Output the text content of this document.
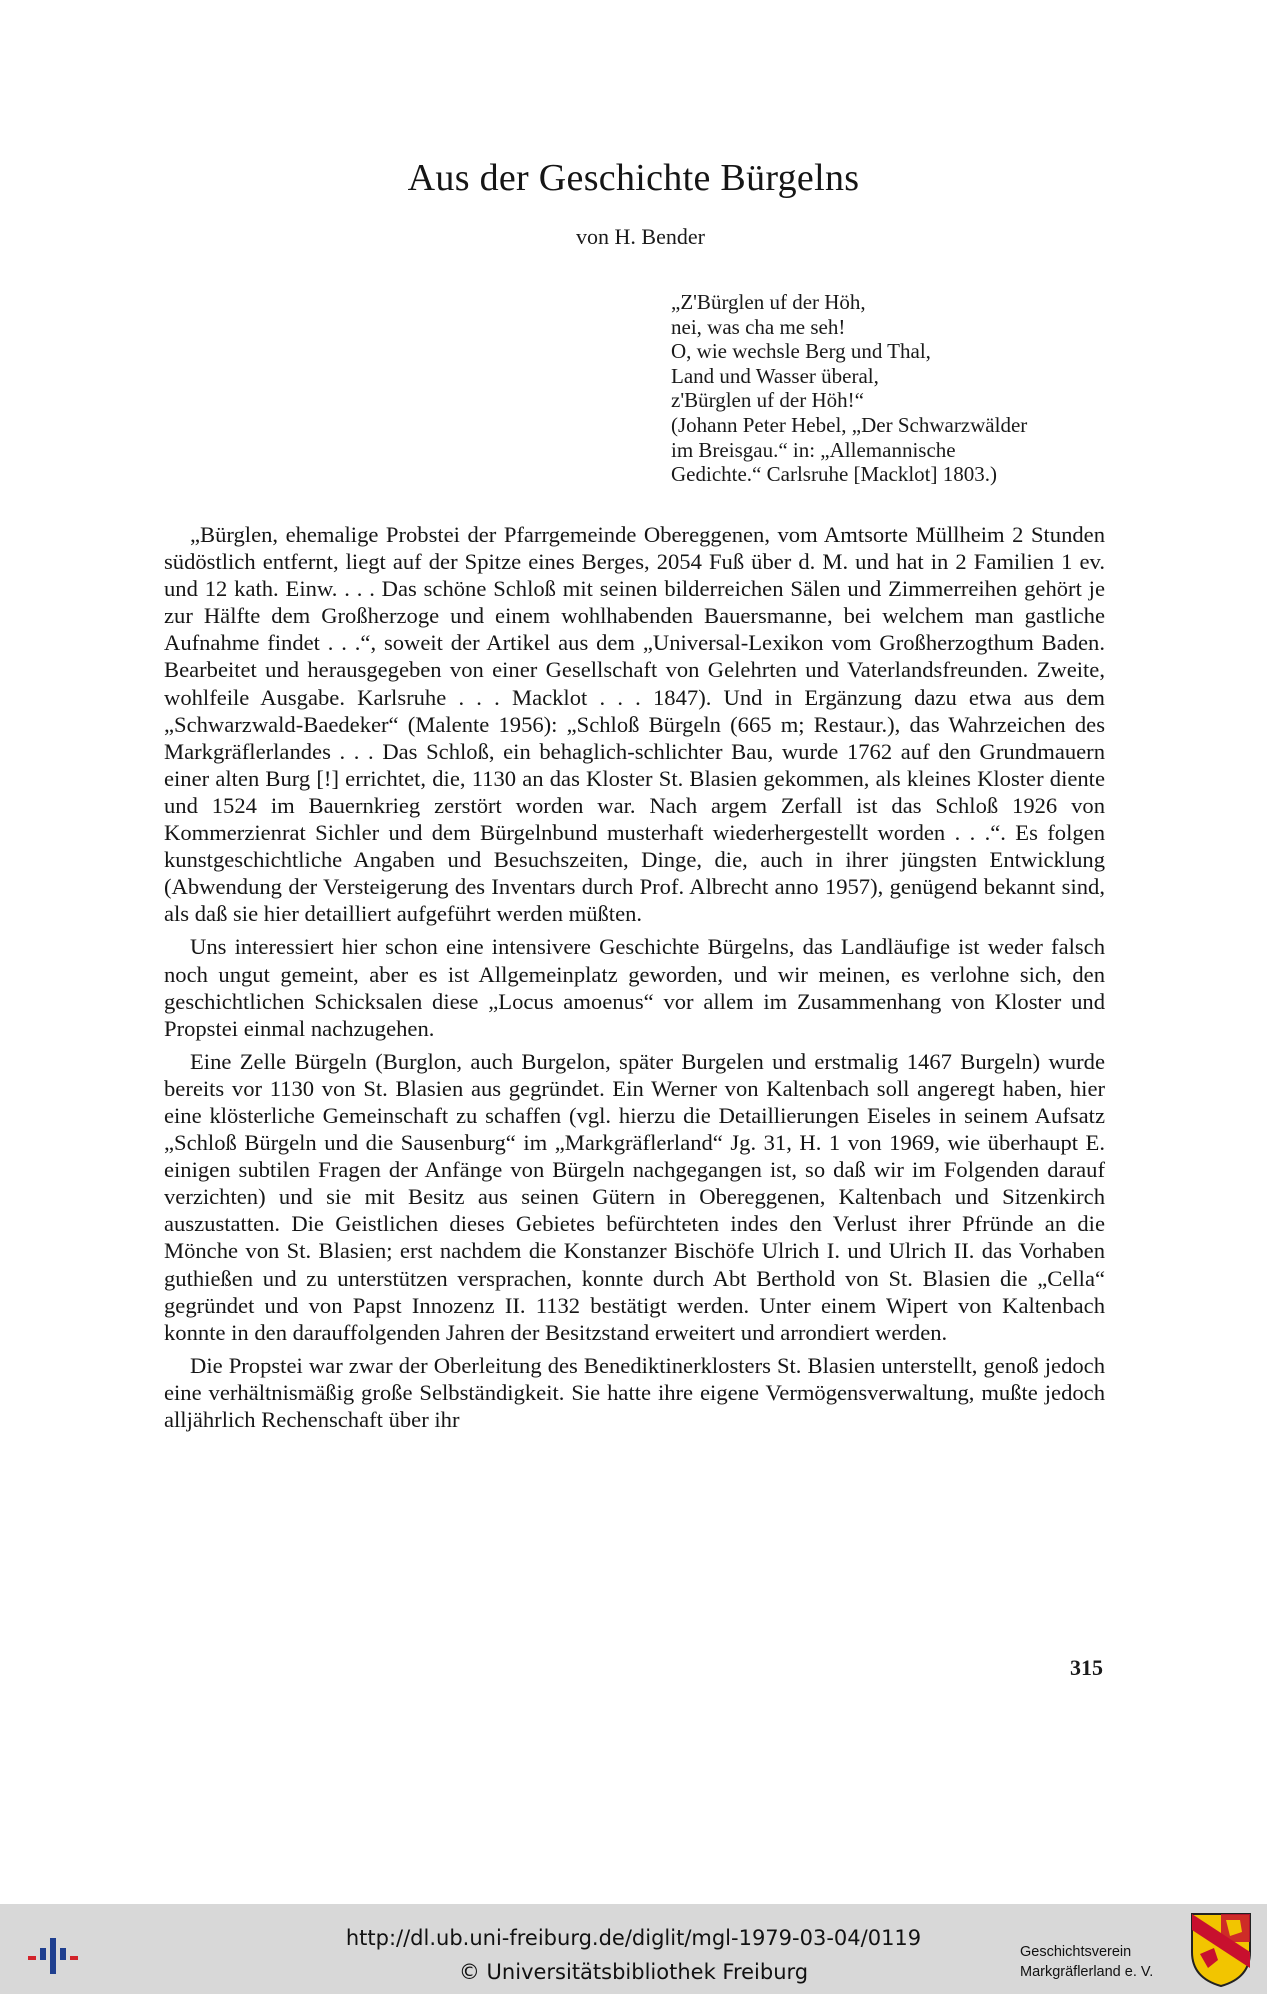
Aus der Geschichte Bürgelns
von H. Bender
„Z'Bürglen uf der Höh,
nei, was cha me seh!
O, wie wechsle Berg und Thal,
Land und Wasser überal,
z'Bürglen uf der Höh!“
(Johann Peter Hebel, „Der Schwarzwälder
im Breisgau.“ in: „Allemannische
Gedichte.“ Carlsruhe [Macklot] 1803.)

„Bürglen, ehemalige Probstei der Pfarrgemeinde Obereggenen, vom Amtsorte Müllheim 2 Stunden südöstlich entfernt, liegt auf der Spitze eines Berges, 2054 Fuß über d. M. und hat in 2 Familien 1 ev. und 12 kath. Einw. . . . Das schöne Schloß mit seinen bilderreichen Sälen und Zimmerreihen gehört je zur Hälfte dem Großherzoge und einem wohlhabenden Bauersmanne, bei welchem man gastliche Aufnahme findet . . .“, soweit der Artikel aus dem „Universal-Lexikon vom Großherzogthum Baden. Bearbeitet und herausgegeben von einer Gesellschaft von Gelehrten und Vaterlandsfreunden. Zweite, wohlfeile Ausgabe. Karlsruhe . . . Macklot . . . 1847). Und in Ergänzung dazu etwa aus dem „Schwarzwald-Baedeker“ (Malente 1956): „Schloß Bürgeln (665 m; Restaur.), das Wahrzeichen des Markgräflerlandes . . . Das Schloß, ein behaglich-schlichter Bau, wurde 1762 auf den Grundmauern einer alten Burg [!] errichtet, die, 1130 an das Kloster St. Blasien gekommen, als kleines Kloster diente und 1524 im Bauernkrieg zerstört worden war. Nach argem Zerfall ist das Schloß 1926 von Kommerzienrat Sichler und dem Bürgelnbund musterhaft wiederhergestellt worden . . .“. Es folgen kunstgeschichtliche Angaben und Besuchszeiten, Dinge, die, auch in ihrer jüngsten Entwicklung (Abwendung der Versteigerung des Inventars durch Prof. Albrecht anno 1957), genügend bekannt sind, als daß sie hier detailliert aufgeführt werden müßten.

Uns interessiert hier schon eine intensivere Geschichte Bürgelns, das Landläufige ist weder falsch noch ungut gemeint, aber es ist Allgemeinplatz geworden, und wir meinen, es verlohne sich, den geschichtlichen Schicksalen diese „Locus amoenus“ vor allem im Zusammenhang von Kloster und Propstei einmal nachzugehen.

Eine Zelle Bürgeln (Burglon, auch Burgelon, später Burgelen und erstmalig 1467 Burgeln) wurde bereits vor 1130 von St. Blasien aus gegründet. Ein Werner von Kaltenbach soll angeregt haben, hier eine klösterliche Gemeinschaft zu schaffen (vgl. hierzu die Detaillierungen Eiseles in seinem Aufsatz „Schloß Bürgeln und die Sausenburg“ im „Markgräflerland“ Jg. 31, H. 1 von 1969, wie überhaupt E. einigen subtilen Fragen der Anfänge von Bürgeln nachgegangen ist, so daß wir im Folgenden darauf verzichten) und sie mit Besitz aus seinen Gütern in Obereggenen, Kaltenbach und Sitzenkirch auszustatten. Die Geistlichen dieses Gebietes befürchteten indes den Verlust ihrer Pfründe an die Mönche von St. Blasien; erst nachdem die Konstanzer Bischöfe Ulrich I. und Ulrich II. das Vorhaben guthießen und zu unterstützen versprachen, konnte durch Abt Berthold von St. Blasien die „Cella“ gegründet und von Papst Innozenz II. 1132 bestätigt werden. Unter einem Wipert von Kaltenbach konnte in den darauffolgenden Jahren der Besitzstand erweitert und arrondiert werden.

Die Propstei war zwar der Oberleitung des Benediktinerklosters St. Blasien unterstellt, genoß jedoch eine verhältnismäßig große Selbständigkeit. Sie hatte ihre eigene Vermögensverwaltung, mußte jedoch alljährlich Rechenschaft über ihr

315
http://dl.ub.uni-freiburg.de/diglit/mgl-1979-03-04/0119
© Universitätsbibliothek Freiburg
Geschichtsverein
Markgräflerland e. V.
